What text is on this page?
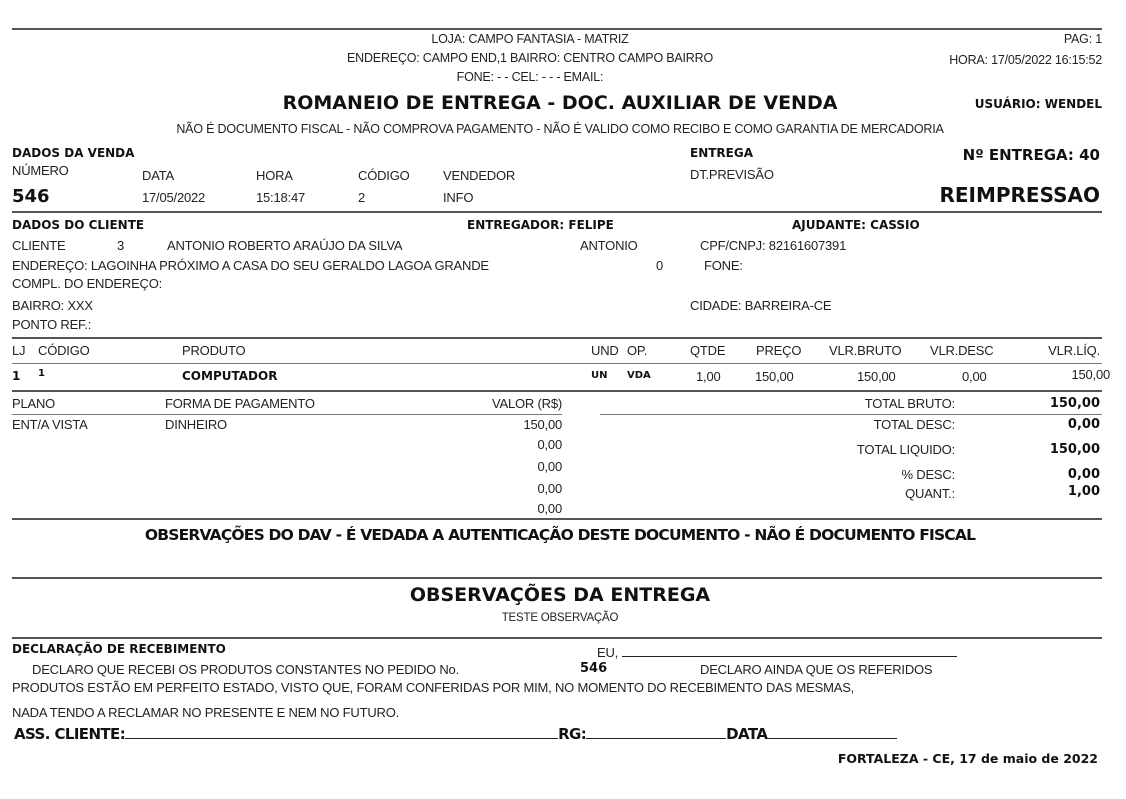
LOJA: CAMPO FANTASIA - MATRIZ
ENDEREÇO: CAMPO END,1 BAIRRO: CENTRO CAMPO BAIRRO
FONE: - - CEL: - - - EMAIL:
PAG: 1
HORA: 17/05/2022 16:15:52
ROMANEIO DE ENTREGA - DOC. AUXILIAR DE VENDA	USUÁRIO: WENDEL
NÃO É DOCUMENTO FISCAL - NÃO COMPROVA PAGAMENTO - NÃO É VALIDO COMO RECIBO E COMO GARANTIA DE MERCADORIA
DADOS DA VENDA
NÚMERO	DATA	HORA	CÓDIGO	VENDEDOR
546	17/05/2022	15:18:47	2	INFO
ENTREGA
DT.PREVISÃO
Nº ENTREGA: 40
REIMPRESSAO
DADOS DO CLIENTE	ENTREGADOR: FELIPE	AJUDANTE: CASSIO
CLIENTE	3	ANTONIO ROBERTO ARAÚJO DA SILVA	ANTONIO	CPF/CNPJ: 82161607391
ENDEREÇO: LAGOINHA PRÓXIMO A CASA DO SEU GERALDO LAGOA GRANDE	0	FONE:
COMPL. DO ENDEREÇO:
BAIRRO: XXX	CIDADE: BARREIRA-CE
PONTO REF.:
LJ CÓDIGO	PRODUTO	UND OP.	QTDE PREÇO VLR.BRUTO VLR.DESC	VLR.LÍQ.
1 1	COMPUTADOR	UN VDA	1,00	150,00	150,00	0,00	150,00
PLANO	FORMA DE PAGAMENTO	VALOR (R$)
ENT/A VISTA	DINHEIRO	150,00
0,00
0,00
0,00
0,00
TOTAL BRUTO:	150,00
TOTAL DESC:	0,00
TOTAL LIQUIDO:	150,00
% DESC:	0,00
QUANT.:	1,00
OBSERVAÇÕES DO DAV - É VEDADA A AUTENTICAÇÃO DESTE DOCUMENTO - NÃO É DOCUMENTO FISCAL
OBSERVAÇÕES DA ENTREGA
TESTE OBSERVAÇÃO
DECLARAÇÃO DE RECEBIMENTO	EU,
DECLARO QUE RECEBI OS PRODUTOS CONSTANTES NO PEDIDO No.	546	DECLARO AINDA QUE OS REFERIDOS
PRODUTOS ESTÃO EM PERFEITO ESTADO, VISTO QUE, FORAM CONFERIDAS POR MIM, NO MOMENTO DO RECEBIMENTO DAS MESMAS,
NADA TENDO A RECLAMAR NO PRESENTE E NEM NO FUTURO.
ASS. CLIENTE:	RG:	DATA
FORTALEZA - CE, 17 de maio de 2022
